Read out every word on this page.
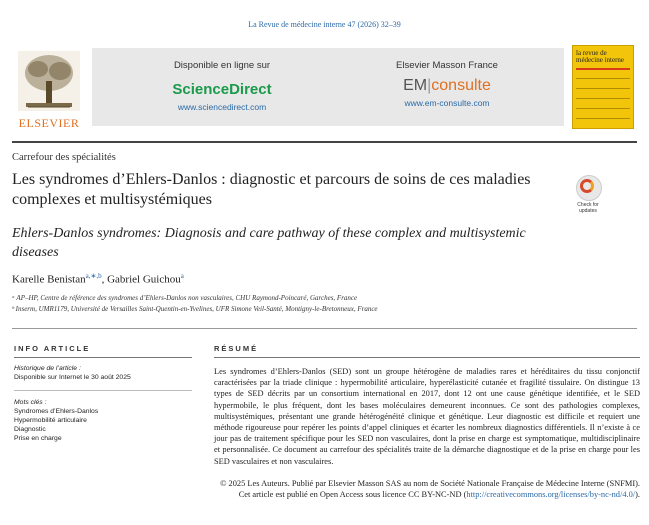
La Revue de médecine interne 47 (2026) 32–39
ELSEVIER
Disponible en ligne sur
ScienceDirect
www.sciencedirect.com
Elsevier Masson France
EM|consulte
www.em-consulte.com
la revue de médecine interne
Carrefour des spécialités
Les syndromes d’Ehlers-Danlos : diagnostic et parcours de soins de ces maladies complexes et multisystémiques	Check for updates
Ehlers-Danlos syndromes: Diagnosis and care pathway of these complex and multisystemic diseases
Karelle Benistan$^{a,∗,b}$, Gabriel Guichou$^a$
ᵃ AP–HP, Centre de référence des syndromes d’Ehlers-Danlos non vasculaires, CHU Raymond-Poincaré, Garches, France
ᵇ Inserm, UMR1179, Université de Versailles Saint-Quentin-en-Yvelines, UFR Simone Veil-Santé, Montigny-le-Bretonneux, France
INFO ARTICLE	RÉSUMÉ
Historique de l’article :
Disponible sur Internet le 30 août 2025
Mots clés :
Syndromes d’Ehlers-Danlos
Hypermobilité articulaire
Diagnostic
Prise en charge
Les syndromes d’Ehlers-Danlos (SED) sont un groupe hétérogène de maladies rares et héréditaires du tissu conjonctif caractérisées par la triade clinique : hypermobilité articulaire, hyperélasticité cutanée et fragilité tissulaire. On distingue 13 types de SED décrits par un consortium international en 2017, dont 12 ont une cause génétique identifiée, et le SED hypermobile, le plus fréquent, dont les bases moléculaires demeurent inconnues. Ce sont des pathologies complexes, multisystémiques, présentant une grande hétérogénéité clinique et génétique. Leur diagnostic est difficile et requiert une méthode rigoureuse pour repérer les points d’appel cliniques et écarter les nombreux diagnostics différentiels. Il n’existe à ce jour pas de traitement spécifique pour les SED non vasculaires, dont la prise en charge est symptomatique, multidisciplinaire et personnalisée. Ce document au carrefour des spécialités traite de la démarche diagnostique et de la prise en charge pour les SED vasculaires et non vasculaires.
© 2025 Les Auteurs. Publié par Elsevier Masson SAS au nom de Société Nationale Française de Médecine Interne (SNFMI). Cet article est publié en Open Access sous licence CC BY-NC-ND (http://creativecommons.org/licenses/by-nc-nd/4.0/).
